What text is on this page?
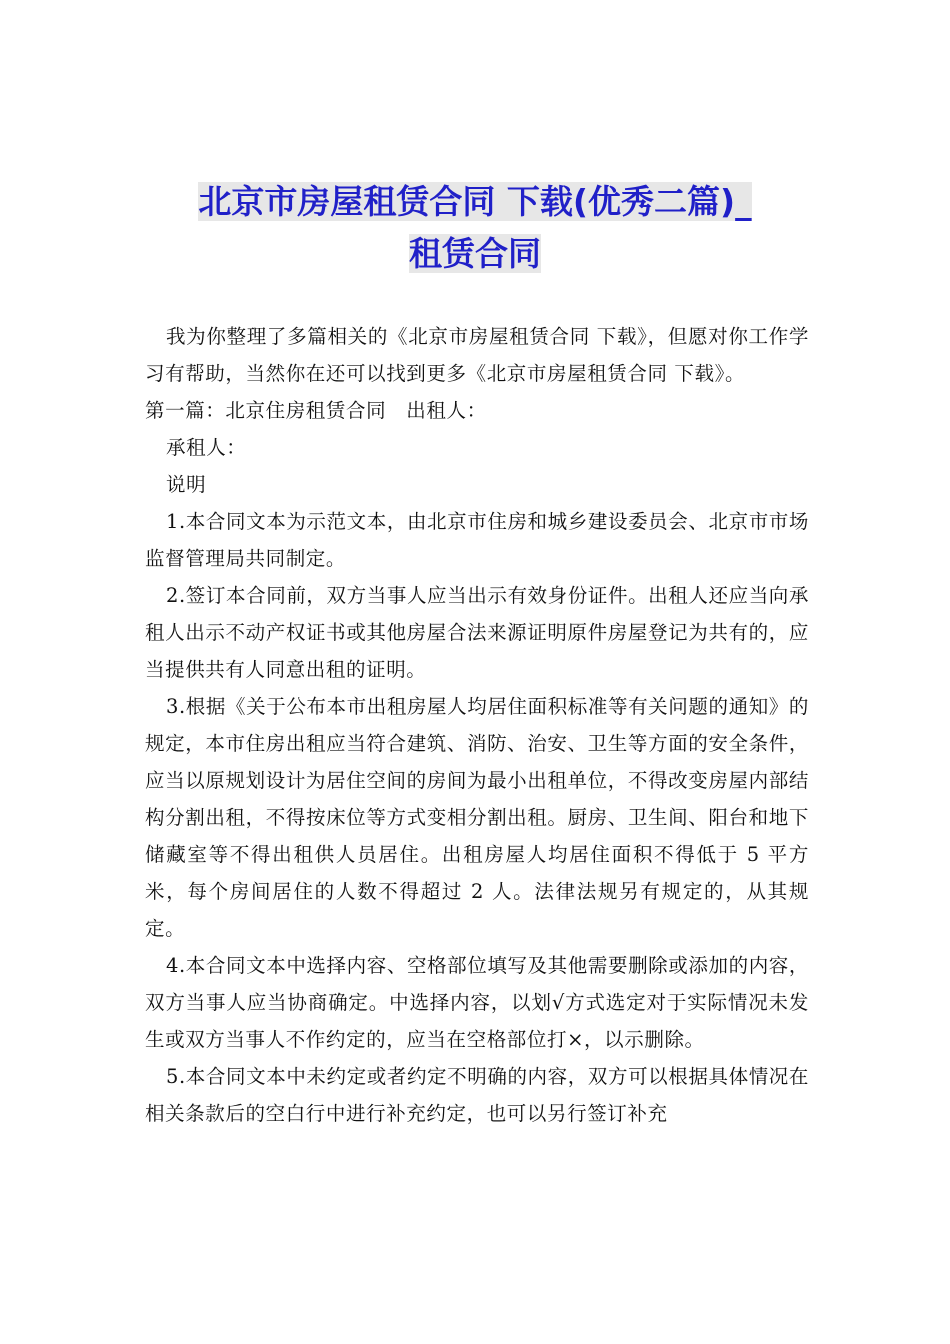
北京市房屋租赁合同 下载(优秀二篇)_
租赁合同

我为你整理了多篇相关的《北京市房屋租赁合同 下载》，但愿对你工作学习有帮助，当然你在还可以找到更多《北京市房屋租赁合同 下载》。

第一篇：北京住房租赁合同　出租人：

承租人：

说明

1.本合同文本为示范文本，由北京市住房和城乡建设委员会、北京市市场监督管理局共同制定。

2.签订本合同前，双方当事人应当出示有效身份证件。出租人还应当向承租人出示不动产权证书或其他房屋合法来源证明原件房屋登记为共有的，应当提供共有人同意出租的证明。

3.根据《关于公布本市出租房屋人均居住面积标准等有关问题的通知》的规定，本市住房出租应当符合建筑、消防、治安、卫生等方面的安全条件，应当以原规划设计为居住空间的房间为最小出租单位，不得改变房屋内部结构分割出租，不得按床位等方式变相分割出租。厨房、卫生间、阳台和地下储藏室等不得出租供人员居住。出租房屋人均居住面积不得低于 5 平方米，每个房间居住的人数不得超过 2 人。法律法规另有规定的，从其规定。

4.本合同文本中选择内容、空格部位填写及其他需要删除或添加的内容，双方当事人应当协商确定。中选择内容，以划√方式选定对于实际情况未发生或双方当事人不作约定的，应当在空格部位打×，以示删除。

5.本合同文本中未约定或者约定不明确的内容，双方可以根据具体情况在相关条款后的空白行中进行补充约定，也可以另行签订补充
